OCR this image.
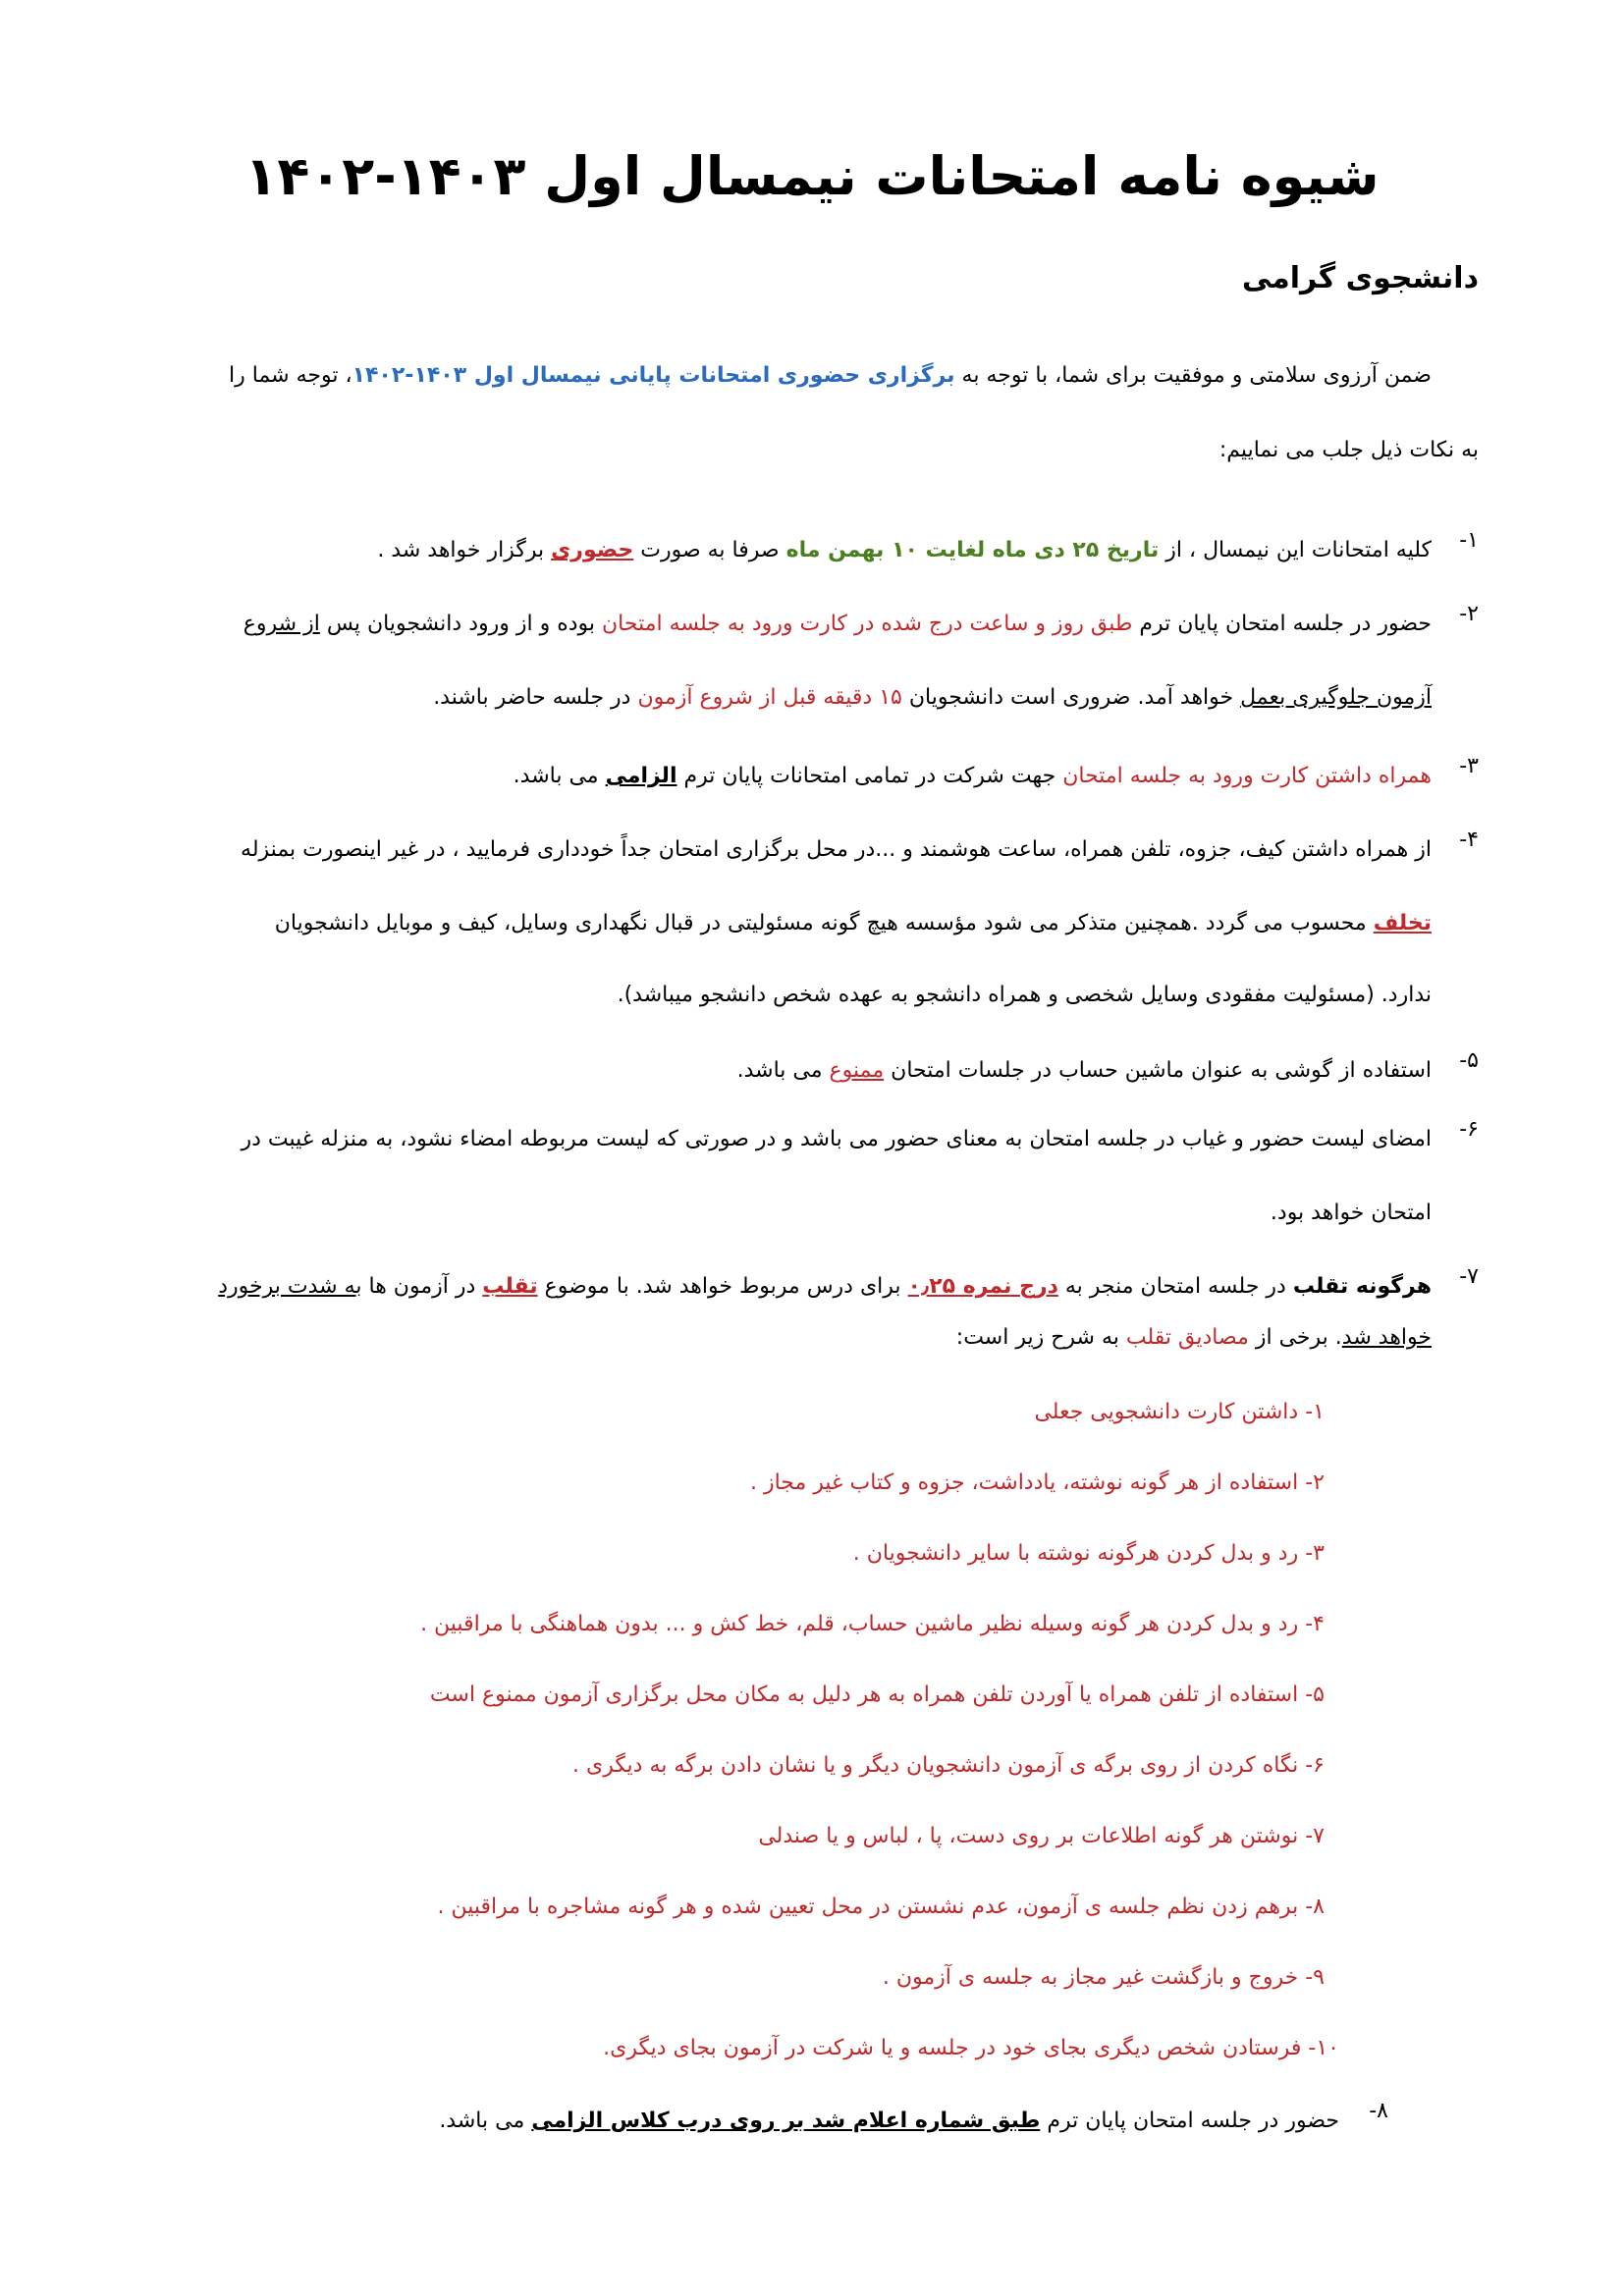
شیوه نامه امتحانات نیمسال اول ۱۴۰۳-۱۴۰۲
دانشجوی گرامی
ضمن آرزوی سلامتی و موفقیت برای شما، با توجه به برگزاری حضوری امتحانات پایانی نیمسال اول ۱۴۰۳-۱۴۰۲، توجه شما را
به نکات ذیل جلب می نماییم:
۱-
کلیه امتحانات این نیمسال ، از تاریخ ۲۵ دی ماه لغایت ۱۰ بهمن ماه صرفا به صورت حضوری برگزار خواهد شد .
۲-
حضور در جلسه امتحان پایان ترم طبق روز و ساعت درج شده در کارت ورود به جلسه امتحان بوده و از ورود دانشجویان پس از شروع
آزمون جلوگیری بعمل خواهد آمد. ضروری است دانشجویان ۱۵ دقیقه قبل از شروع آزمون در جلسه حاضر باشند.
۳-
همراه داشتن کارت ورود به جلسه امتحان جهت شرکت در تمامی امتحانات پایان ترم الزامی می باشد.
۴-
از همراه داشتن کیف، جزوه، تلفن همراه، ساعت هوشمند و ...در محل برگزاری امتحان جداً خودداری فرمایید ، در غیر اینصورت بمنزله
تخلف محسوب می گردد .همچنین متذکر می شود مؤسسه هیچ گونه مسئولیتی در قبال نگهداری وسایل، کیف و موبایل دانشجویان
ندارد. (مسئولیت مفقودی وسایل شخصی و همراه دانشجو به عهده شخص دانشجو میباشد).
۵-
استفاده از گوشی به عنوان ماشین حساب در جلسات امتحان ممنوع می باشد.
۶-
امضای لیست حضور و غیاب در جلسه امتحان به معنای حضور می باشد و در صورتی که لیست مربوطه امضاء نشود، به منزله غیبت در
امتحان خواهد بود.
۷-
هرگونه تقلب در جلسه امتحان منجر به درج نمره ۰٫۲۵ برای درس مربوط خواهد شد. با موضوع تقلب در آزمون ها به شدت برخورد
خواهد شد. برخی از مصادیق تقلب به شرح زیر است:
۱- داشتن کارت دانشجویی جعلی
۲- استفاده از هر گونه نوشته، یادداشت، جزوه و کتاب غیر مجاز .
۳- رد و بدل کردن هرگونه نوشته با سایر دانشجویان .
۴- رد و بدل کردن هر گونه وسیله نظیر ماشین حساب، قلم، خط کش و ... بدون هماهنگی با مراقبین .
۵- استفاده از تلفن همراه یا آوردن تلفن همراه به هر دلیل به مکان محل برگزاری آزمون ممنوع است
۶- نگاه کردن از روی برگه ی آزمون دانشجویان دیگر و یا نشان دادن برگه به دیگری .
۷- نوشتن هر گونه اطلاعات بر روی دست، پا ، لباس و یا صندلی
۸- برهم زدن نظم جلسه ی آزمون، عدم نشستن در محل تعیین شده و هر گونه مشاجره با مراقبین .
۹- خروج و بازگشت غیر مجاز به جلسه ی آزمون .
۱۰- فرستادن شخص دیگری بجای خود در جلسه و یا شرکت در آزمون بجای دیگری.
۸-
حضور در جلسه امتحان پایان ترم طبق شماره اعلام شد بر روی درب کلاس الزامی می باشد.
